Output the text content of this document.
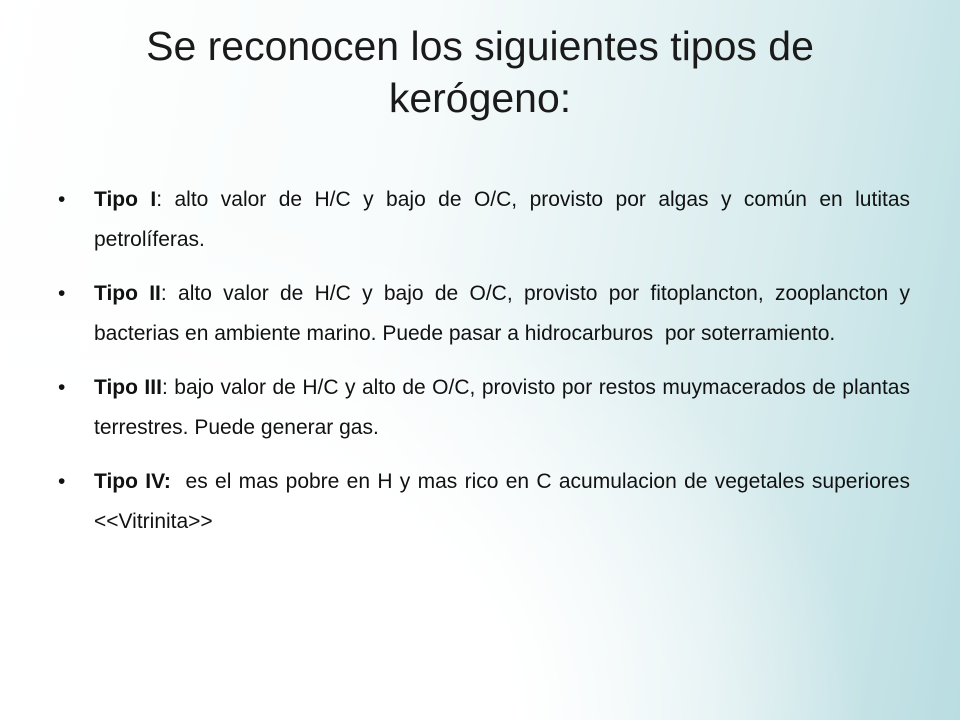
Se reconocen los siguientes tipos de kerógeno:
•	Tipo I: alto valor de H/C y bajo de O/C, provisto por algas y común en lutitas petrolíferas.
•	Tipo II: alto valor de H/C y bajo de O/C, provisto por fitoplancton, zooplancton y bacterias en ambiente marino. Puede pasar a hidrocarburos  por soterramiento.
•	Tipo III: bajo valor de H/C y alto de O/C, provisto por restos muymacerados de plantas terrestres. Puede generar gas.
•	Tipo IV:  es el mas pobre en H y mas rico en C acumulacion de vegetales superiores <<Vitrinita>>
